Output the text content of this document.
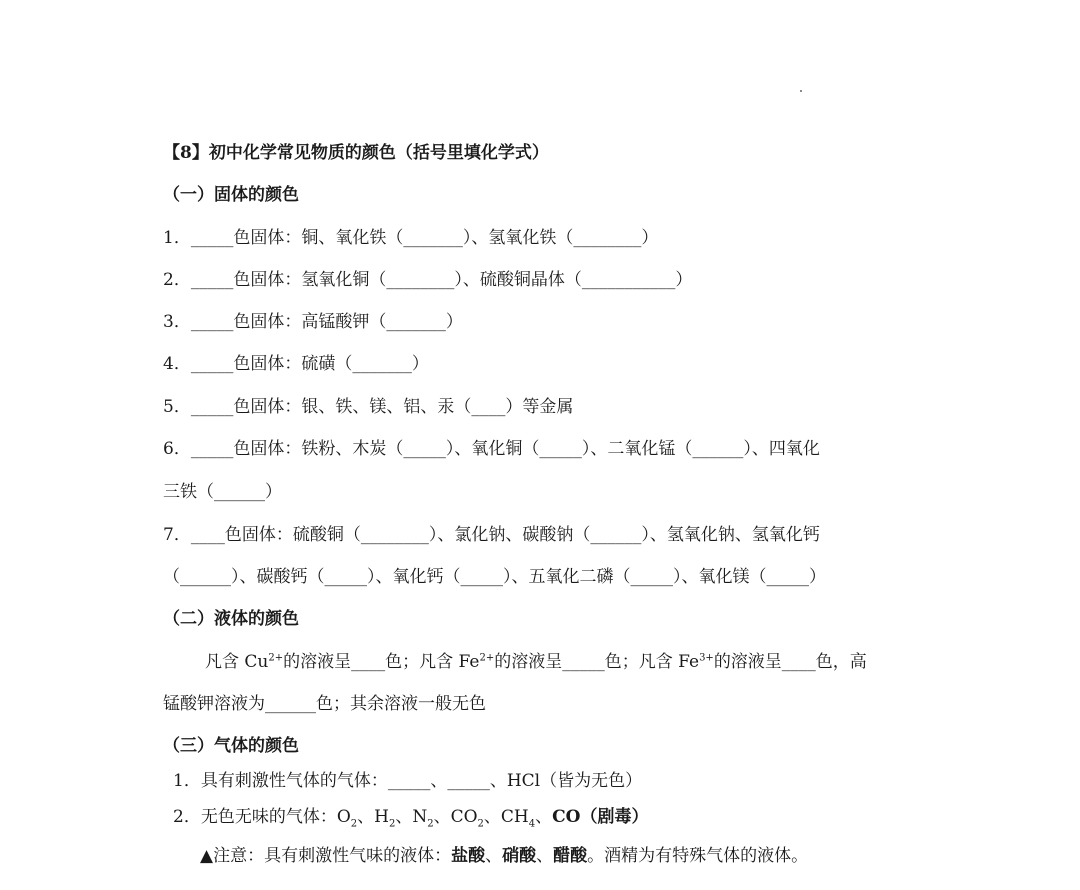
【8】初中化学常见物质的颜色（括号里填化学式）
（一）固体的颜色
1．_____色固体：铜、氧化铁（_______）、氢氧化铁（________）
2．_____色固体：氢氧化铜（________）、硫酸铜晶体（___________）
3．_____色固体：高锰酸钾（_______）
4．_____色固体：硫磺（_______）
5．_____色固体：银、铁、镁、铝、汞（____）等金属
6．_____色固体：铁粉、木炭（_____）、氧化铜（_____）、二氧化锰（______）、四氧化
三铁（______）
7．____色固体：硫酸铜（________）、氯化钠、碳酸钠（______）、氢氧化钠、氢氧化钙
（______）、碳酸钙（_____）、氧化钙（_____）、五氧化二磷（_____）、氧化镁（_____）
（二）液体的颜色
凡含 $Cu^{2+}$的溶液呈____色；凡含 $Fe^{2+}$的溶液呈_____色；凡含 $Fe^{3+}$的溶液呈____色，高
锰酸钾溶液为______色；其余溶液一般无色
（三）气体的颜色
1．具有刺激性气体的气体：_____、_____、HCl（皆为无色）
2．无色无味的气体：$O_2$、$H_2$、$N_2$、$CO_2$、$CH_4$、CO（剧毒）
▲注意：具有刺激性气味的液体：盐酸、硝酸、醋酸。酒精为有特殊气体的液体。
